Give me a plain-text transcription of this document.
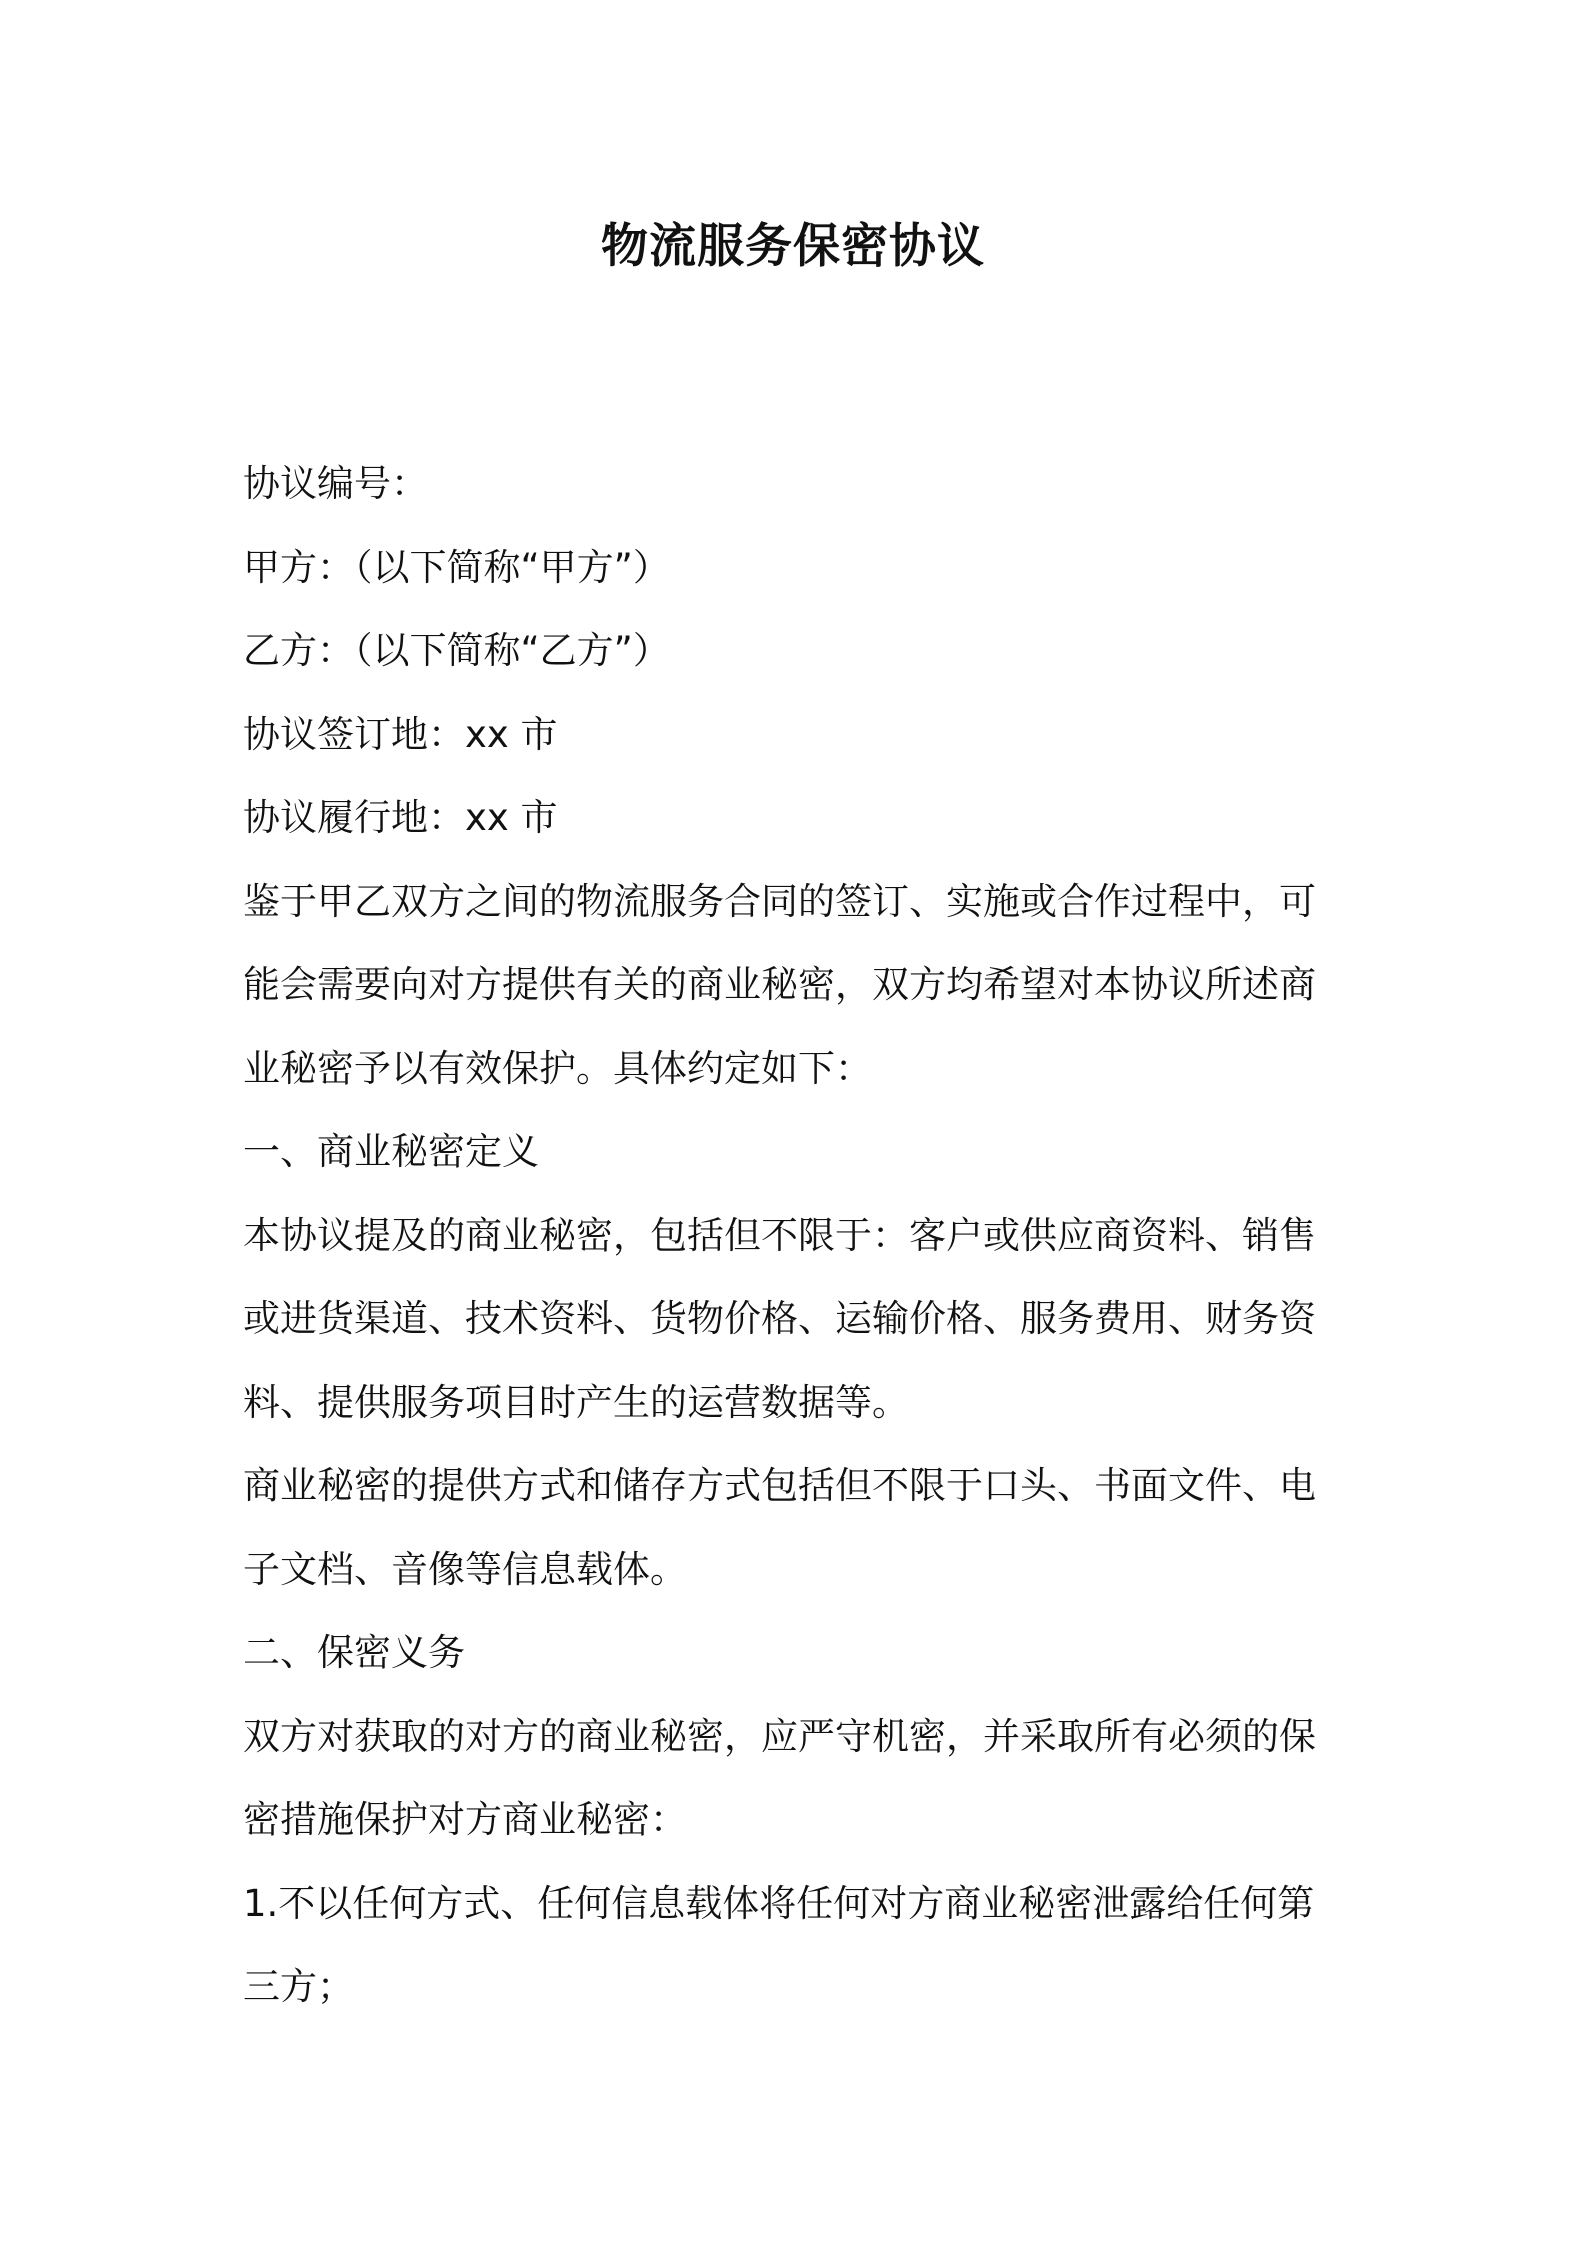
物流服务保密协议
协议编号：
甲方：（以下简称“甲方”）
乙方：（以下简称“乙方”）
协议签订地：xx 市
协议履行地：xx 市
鉴于甲乙双方之间的物流服务合同的签订、实施或合作过程中，可
能会需要向对方提供有关的商业秘密，双方均希望对本协议所述商
业秘密予以有效保护。具体约定如下：
一、商业秘密定义
本协议提及的商业秘密，包括但不限于：客户或供应商资料、销售
或进货渠道、技术资料、货物价格、运输价格、服务费用、财务资
料、提供服务项目时产生的运营数据等。
商业秘密的提供方式和储存方式包括但不限于口头、书面文件、电
子文档、音像等信息载体。
二、保密义务
双方对获取的对方的商业秘密，应严守机密，并采取所有必须的保
密措施保护对方商业秘密：
1.不以任何方式、任何信息载体将任何对方商业秘密泄露给任何第
三方；
